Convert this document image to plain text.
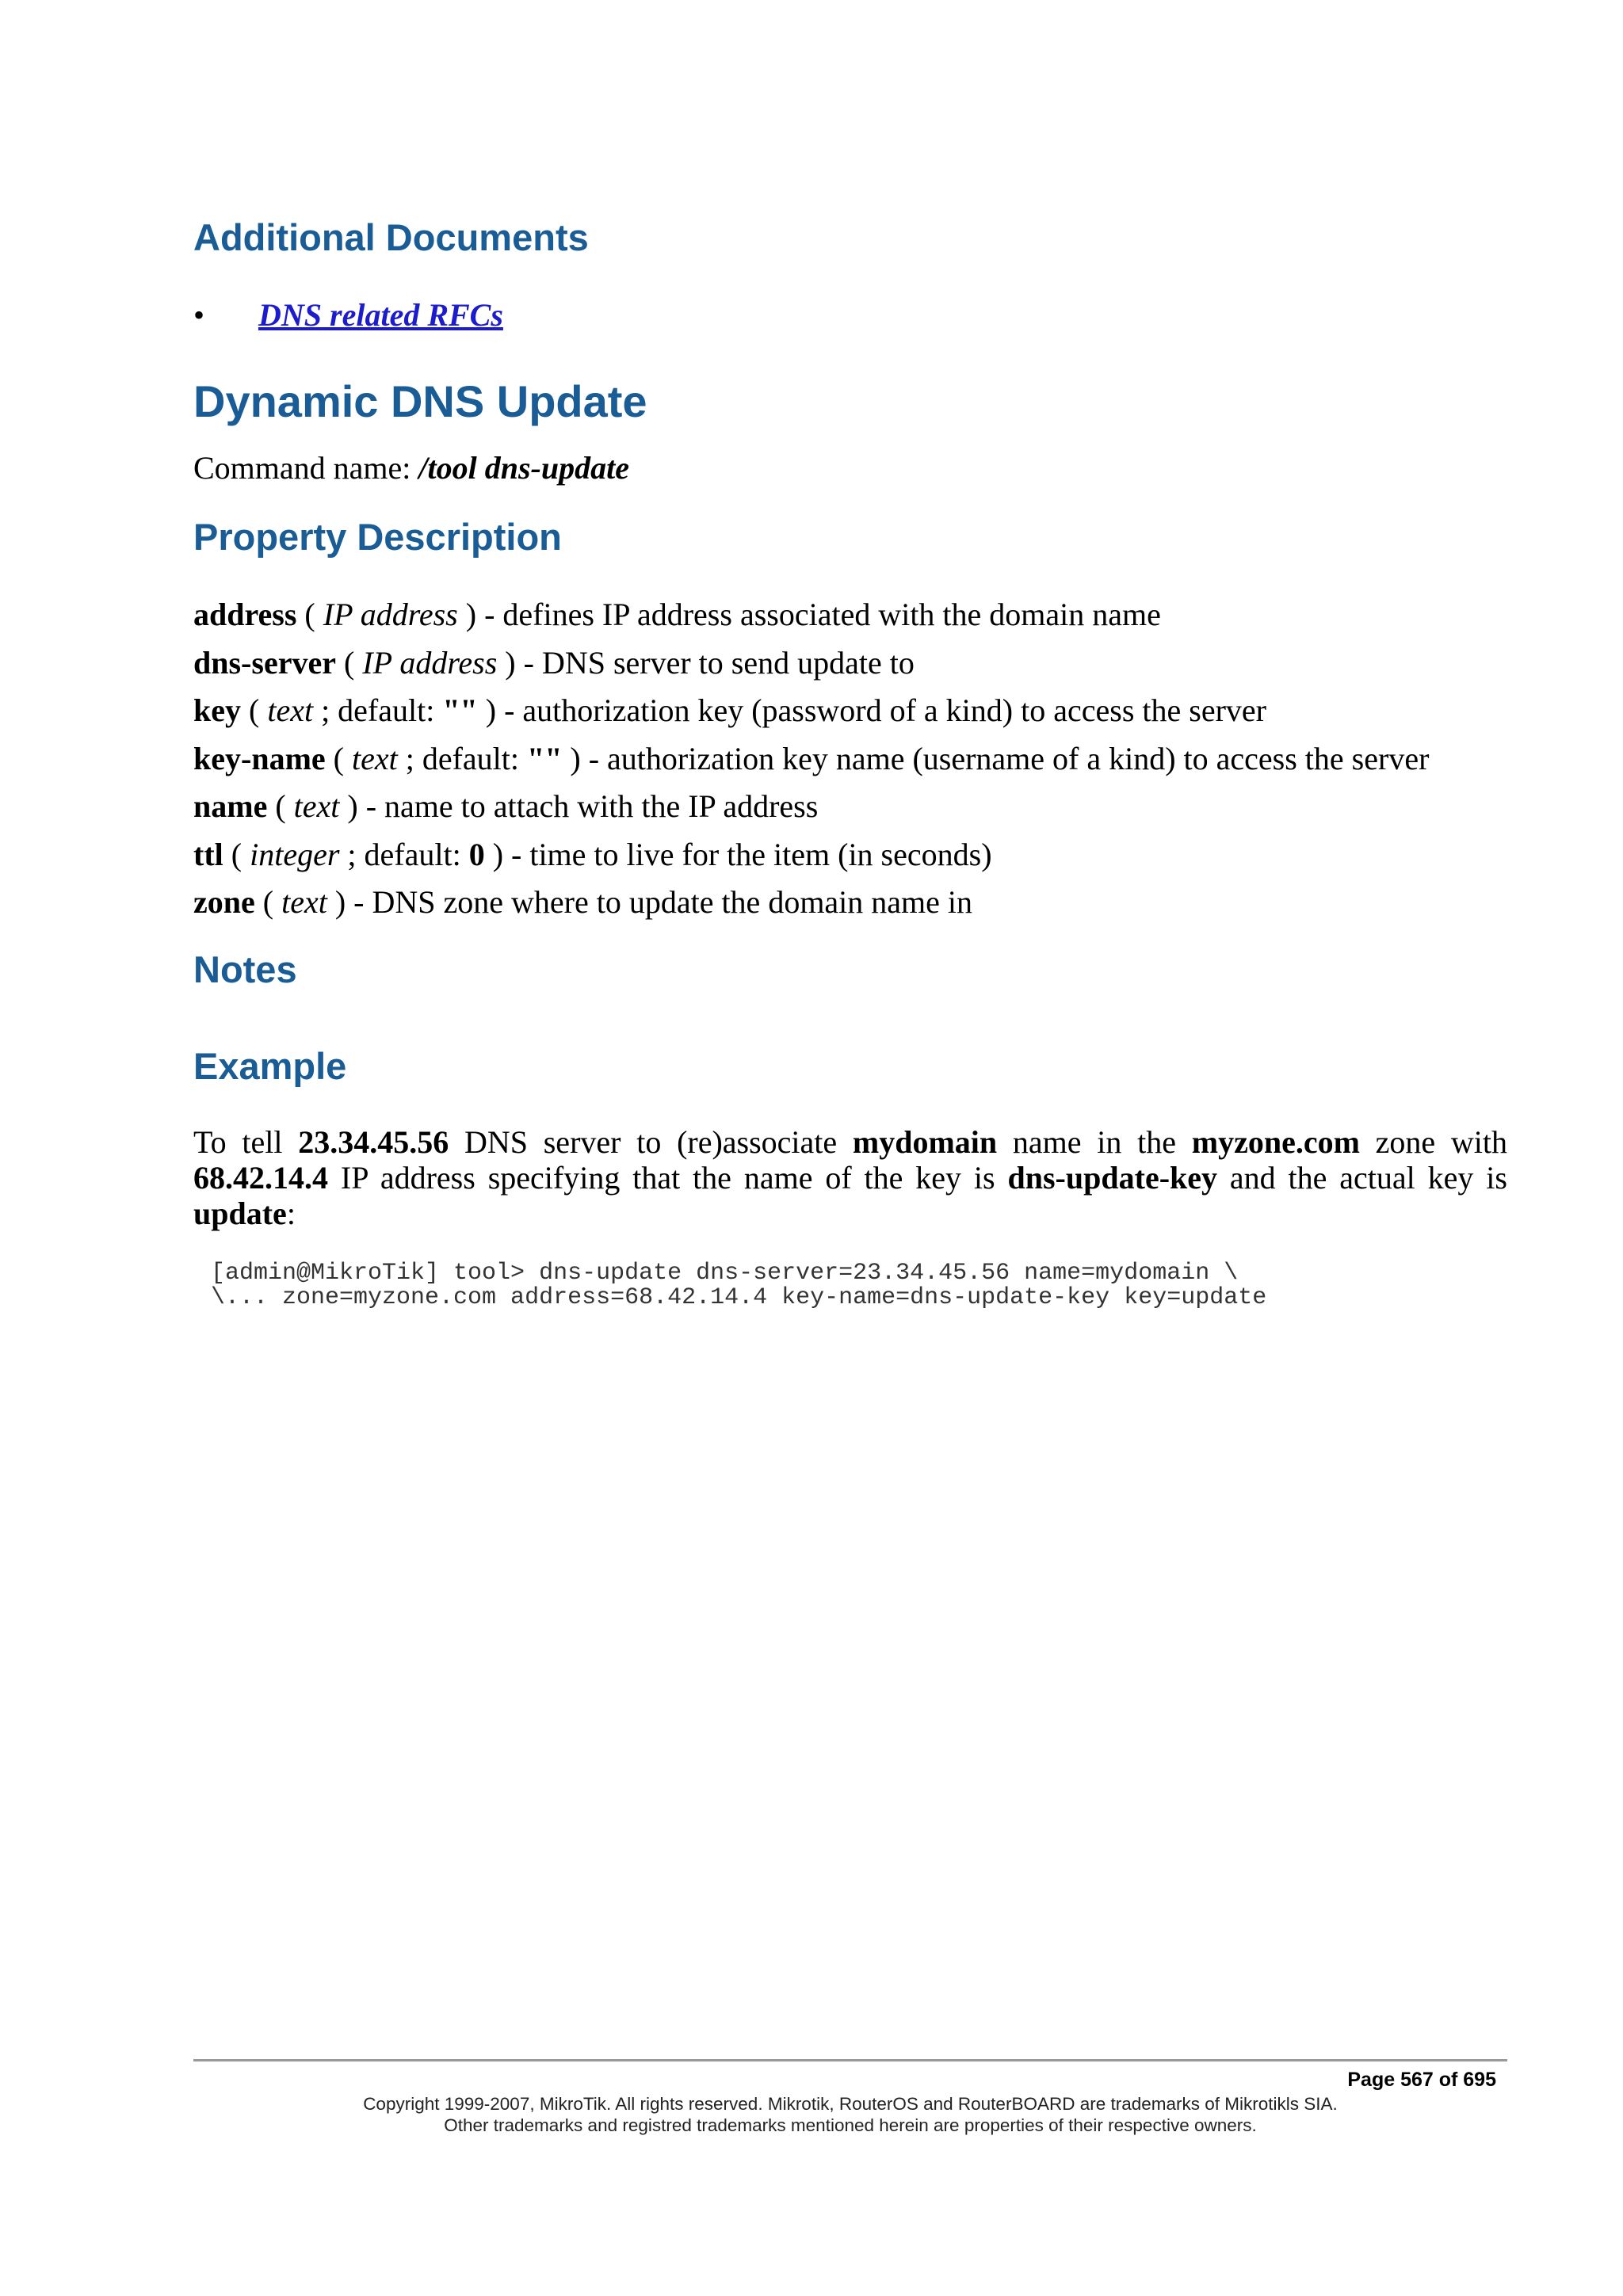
Additional Documents
• DNS related RFCs
Dynamic DNS Update
Command name: /tool dns-update
Property Description
address ( IP address ) - defines IP address associated with the domain name
dns-server ( IP address ) - DNS server to send update to
key ( text ; default: "" ) - authorization key (password of a kind) to access the server
key-name ( text ; default: "" ) - authorization key name (username of a kind) to access the server
name ( text ) - name to attach with the IP address
ttl ( integer ; default: 0 ) - time to live for the item (in seconds)
zone ( text ) - DNS zone where to update the domain name in
Notes
Example
To tell 23.34.45.56 DNS server to (re)associate mydomain name in the myzone.com zone with 68.42.14.4 IP address specifying that the name of the key is dns-update-key and the actual key is update:
[admin@MikroTik] tool> dns-update dns-server=23.34.45.56 name=mydomain \
\... zone=myzone.com address=68.42.14.4 key-name=dns-update-key key=update
Page 567 of 695
Copyright 1999-2007, MikroTik. All rights reserved. Mikrotik, RouterOS and RouterBOARD are trademarks of Mikrotikls SIA.
Other trademarks and registred trademarks mentioned herein are properties of their respective owners.
